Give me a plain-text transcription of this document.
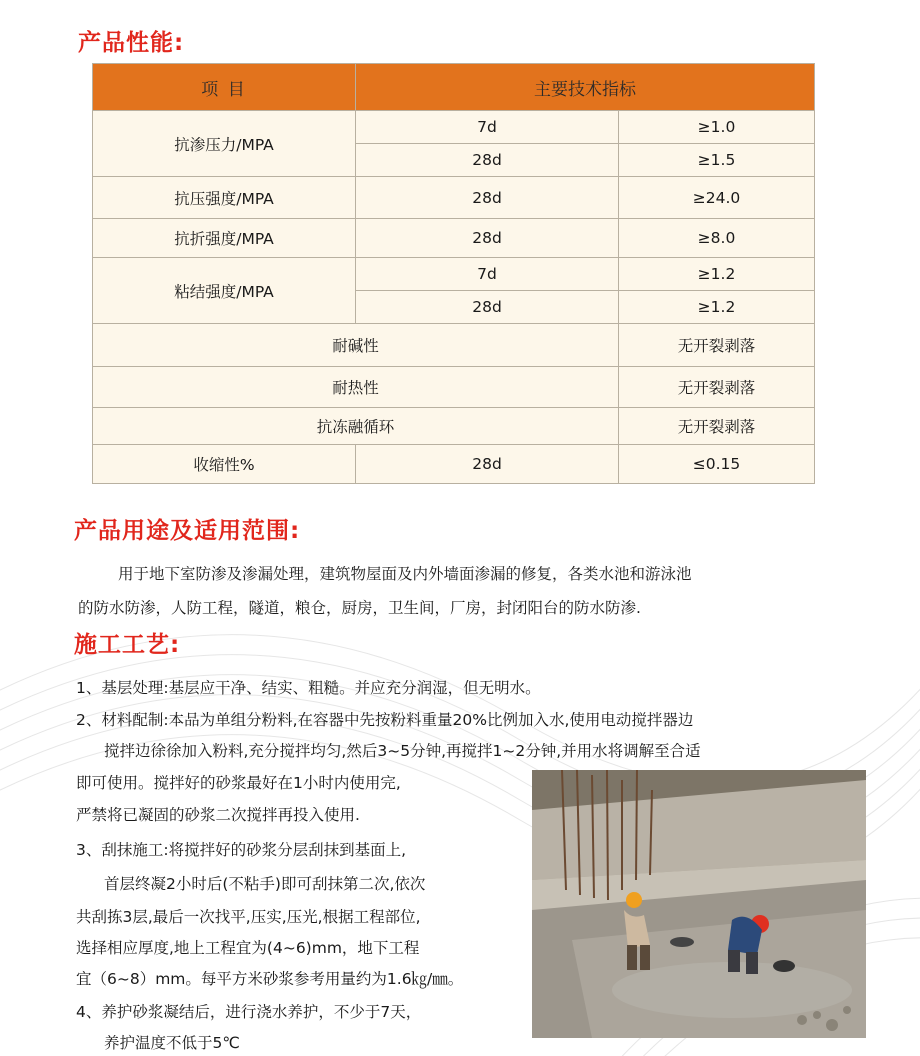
产品性能:
项 目	主要技术指标	
抗渗压力/MPA	7d	≥1.0
	28d	≥1.5
抗压强度/MPA	28d	≥24.0
抗折强度/MPA	28d	≥8.0
粘结强度/MPA	7d	≥1.2
	28d	≥1.2
耐碱性		无开裂剥落
耐热性		无开裂剥落
抗冻融循环		无开裂剥落
收缩性%	28d	≤0.15
产品用途及适用范围:

用于地下室防渗及渗漏处理，建筑物屋面及内外墙面渗漏的修复，各类水池和游泳池

的防水防渗，人防工程，隧道，粮仓，厨房，卫生间，厂房，封闭阳台的防水防渗.

施工工艺:

1、基层处理:基层应干净、结实、粗糙。并应充分润湿，但无明水。

2、材料配制:本品为单组分粉料,在容器中先按粉料重量20%比例加入水,使用电动搅拌器边

搅拌边徐徐加入粉料,充分搅拌均匀,然后3~5分钟,再搅拌1~2分钟,并用水将调解至合适

即可使用。搅拌好的砂浆最好在1小时内使用完,

严禁将已凝固的砂浆二次搅拌再投入使用.

3、刮抹施工:将搅拌好的砂浆分层刮抹到基面上,

首层终凝2小时后(不粘手)即可刮抹第二次,依次

共刮拣3层,最后一次找平,压实,压光,根据工程部位,

选择相应厚度,地上工程宜为(4~6)mm，地下工程

宜（6~8）mm。每平方米砂浆参考用量约为1.6㎏/㎜。

4、养护砂浆凝结后，进行浇水养护，不少于7天，

养护温度不低于5℃
